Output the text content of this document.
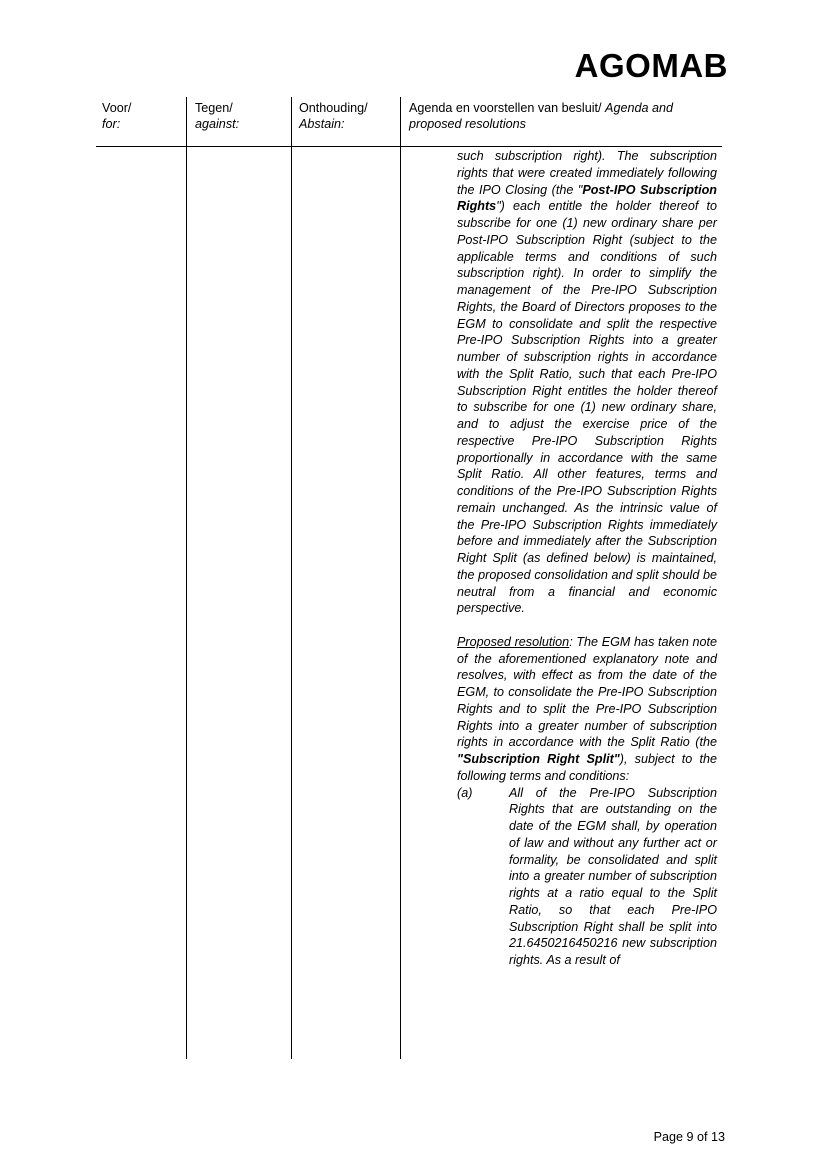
AGOMAB
Voor/
for:
Tegen/
against:
Onthouding/
Abstain:
Agenda en voorstellen van besluit/ Agenda and proposed resolutions

such subscription right). The subscription rights that were created immediately following the IPO Closing (the "Post-IPO Subscription Rights") each entitle the holder thereof to subscribe for one (1) new ordinary share per Post-IPO Subscription Right (subject to the applicable terms and conditions of such subscription right). In order to simplify the management of the Pre-IPO Subscription Rights, the Board of Directors proposes to the EGM to consolidate and split the respective Pre-IPO Subscription Rights into a greater number of subscription rights in accordance with the Split Ratio, such that each Pre-IPO Subscription Right entitles the holder thereof to subscribe for one (1) new ordinary share, and to adjust the exercise price of the respective Pre-IPO Subscription Rights proportionally in accordance with the same Split Ratio. All other features, terms and conditions of the Pre-IPO Subscription Rights remain unchanged. As the intrinsic value of the Pre-IPO Subscription Rights immediately before and immediately after the Subscription Right Split (as defined below) is maintained, the proposed consolidation and split should be neutral from a financial and economic perspective.

Proposed resolution: The EGM has taken note of the aforementioned explanatory note and resolves, with effect as from the date of the EGM, to consolidate the Pre-IPO Subscription Rights and to split the Pre-IPO Subscription Rights into a greater number of subscription rights in accordance with the Split Ratio (the "Subscription Right Split"), subject to the following terms and conditions:

(a)	All of the Pre-IPO Subscription Rights that are outstanding on the date of the EGM shall, by operation of law and without any further act or formality, be consolidated and split into a greater number of subscription rights at a ratio equal to the Split Ratio, so that each Pre-IPO Subscription Right shall be split into 21.6450216450216 new subscription rights. As a result of

Page 9 of 13
